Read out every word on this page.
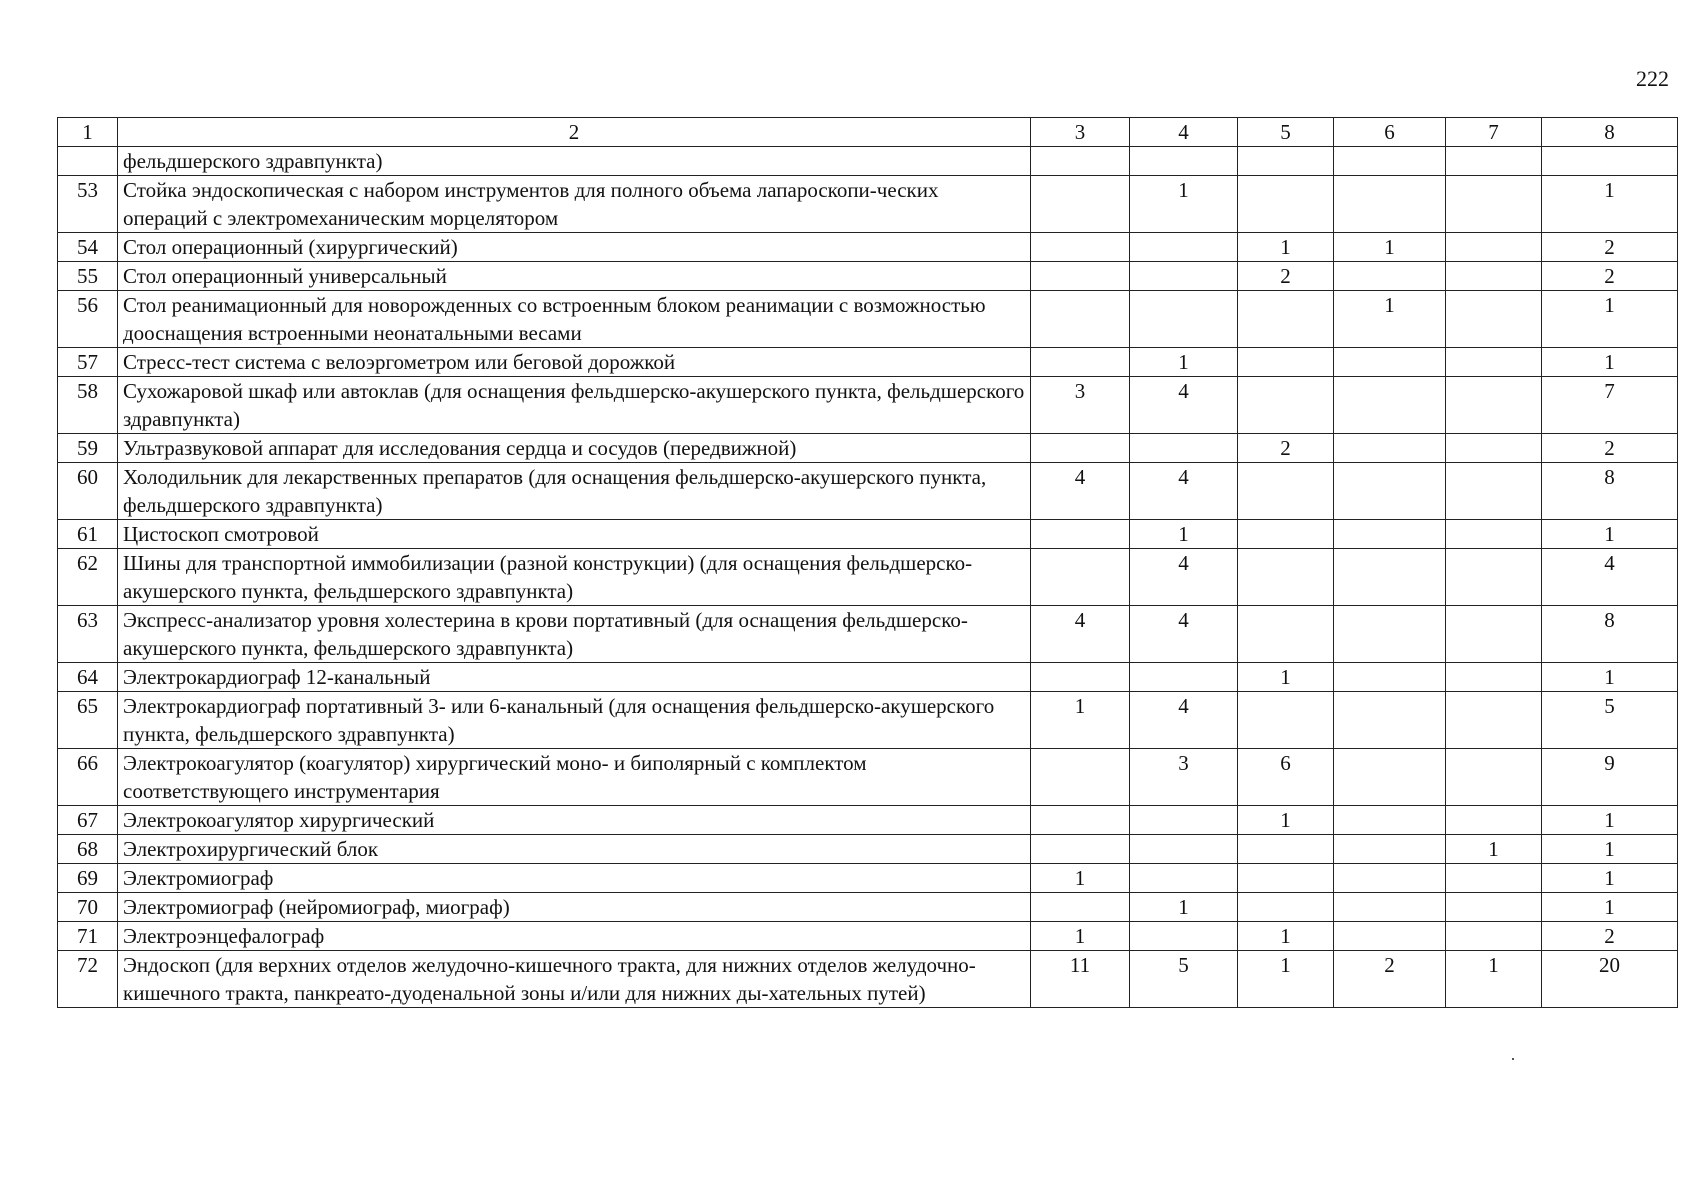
222
1	2	3	4	5	6	7	8
	фельдшерского здравпункта)						
53	Стойка эндоскопическая с набором инструментов для полного объема лапароскопи-ческих операций с электромеханическим морцелятором		1				1
54	Стол операционный (хирургический)			1	1		2
55	Стол операционный универсальный			2			2
56	Стол реанимационный для новорожденных со встроенным блоком реанимации с возможностью дооснащения встроенными неонатальными весами				1		1
57	Стресс-тест система с велоэргометром или беговой дорожкой		1				1
58	Сухожаровой шкаф или автоклав (для оснащения фельдшерско-акушерского пункта, фельдшерского здравпункта)	3	4				7
59	Ультразвуковой аппарат для исследования сердца и сосудов (передвижной)			2			2
60	Холодильник для лекарственных препаратов (для оснащения фельдшерско-акушерского пункта, фельдшерского здравпункта)	4	4				8
61	Цистоскоп смотровой		1				1
62	Шины для транспортной иммобилизации (разной конструкции) (для оснащения фельдшерско-акушерского пункта, фельдшерского здравпункта)		4				4
63	Экспресс-анализатор уровня холестерина в крови портативный (для оснащения фельдшерско-акушерского пункта, фельдшерского здравпункта)	4	4				8
64	Электрокардиограф 12-канальный			1			1
65	Электрокардиограф портативный 3- или 6-канальный (для оснащения фельдшерско-акушерского пункта, фельдшерского здравпункта)	1	4				5
66	Электрокоагулятор (коагулятор) хирургический моно- и биполярный с комплектом соответствующего инструментария		3	6			9
67	Электрокоагулятор хирургический			1			1
68	Электрохирургический блок					1	1
69	Электромиограф	1					1
70	Электромиограф (нейромиограф, миограф)		1				1
71	Электроэнцефалограф	1		1			2
72	Эндоскоп (для верхних отделов желудочно-кишечного тракта, для нижних отделов желудочно-кишечного тракта, панкреато-дуоденальной зоны и/или для нижних ды-хательных путей)	11	5	1	2	1	20
